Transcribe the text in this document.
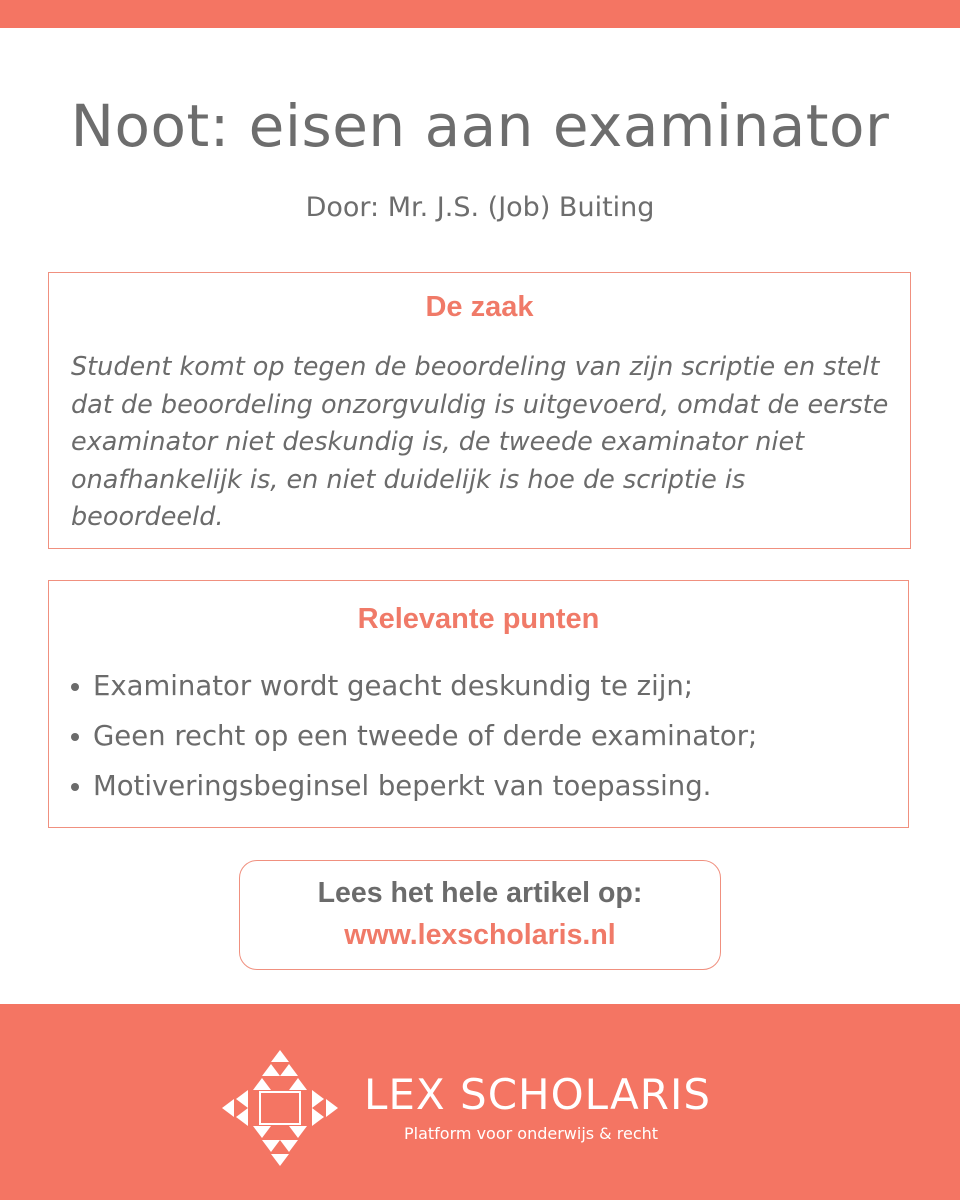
Noot: eisen aan examinator
Door: Mr. J.S. (Job) Buiting
De zaak

Student komt op tegen de beoordeling van zijn scriptie en stelt dat de beoordeling onzorgvuldig is uitgevoerd, omdat de eerste examinator niet deskundig is, de tweede examinator niet onafhankelijk is, en niet duidelijk is hoe de scriptie is beoordeeld.

Relevante punten
Examinator wordt geacht deskundig te zijn;
Geen recht op een tweede of derde examinator;
Motiveringsbeginsel beperkt van toepassing.
Lees het hele artikel op:
www.lexscholaris.nl
LEX SCHOLARIS
Platform voor onderwijs & recht
